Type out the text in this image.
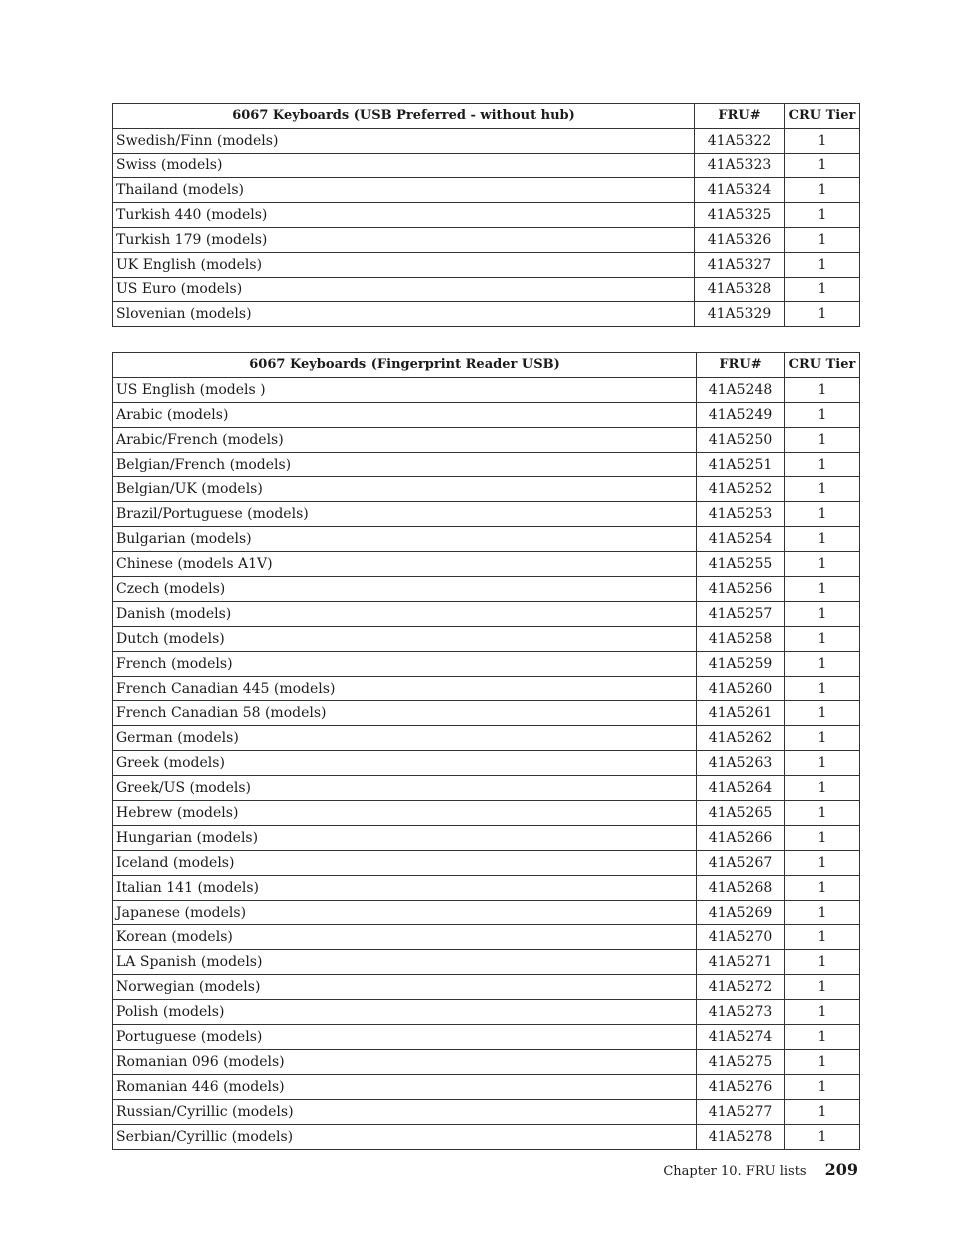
6067 Keyboards (USB Preferred - without hub)	FRU#	CRU Tier
Swedish/Finn (models)	41A5322	1
Swiss (models)	41A5323	1
Thailand (models)	41A5324	1
Turkish 440 (models)	41A5325	1
Turkish 179 (models)	41A5326	1
UK English (models)	41A5327	1
US Euro (models)	41A5328	1
Slovenian (models)	41A5329	1
6067 Keyboards (Fingerprint Reader USB)	FRU#	CRU Tier
US English (models )	41A5248	1
Arabic (models)	41A5249	1
Arabic/French (models)	41A5250	1
Belgian/French (models)	41A5251	1
Belgian/UK (models)	41A5252	1
Brazil/Portuguese (models)	41A5253	1
Bulgarian (models)	41A5254	1
Chinese (models A1V)	41A5255	1
Czech (models)	41A5256	1
Danish (models)	41A5257	1
Dutch (models)	41A5258	1
French (models)	41A5259	1
French Canadian 445 (models)	41A5260	1
French Canadian 58 (models)	41A5261	1
German (models)	41A5262	1
Greek (models)	41A5263	1
Greek/US (models)	41A5264	1
Hebrew (models)	41A5265	1
Hungarian (models)	41A5266	1
Iceland (models)	41A5267	1
Italian 141 (models)	41A5268	1
Japanese (models)	41A5269	1
Korean (models)	41A5270	1
LA Spanish (models)	41A5271	1
Norwegian (models)	41A5272	1
Polish (models)	41A5273	1
Portuguese (models)	41A5274	1
Romanian 096 (models)	41A5275	1
Romanian 446 (models)	41A5276	1
Russian/Cyrillic (models)	41A5277	1
Serbian/Cyrillic (models)	41A5278	1
Chapter 10. FRU lists 209
